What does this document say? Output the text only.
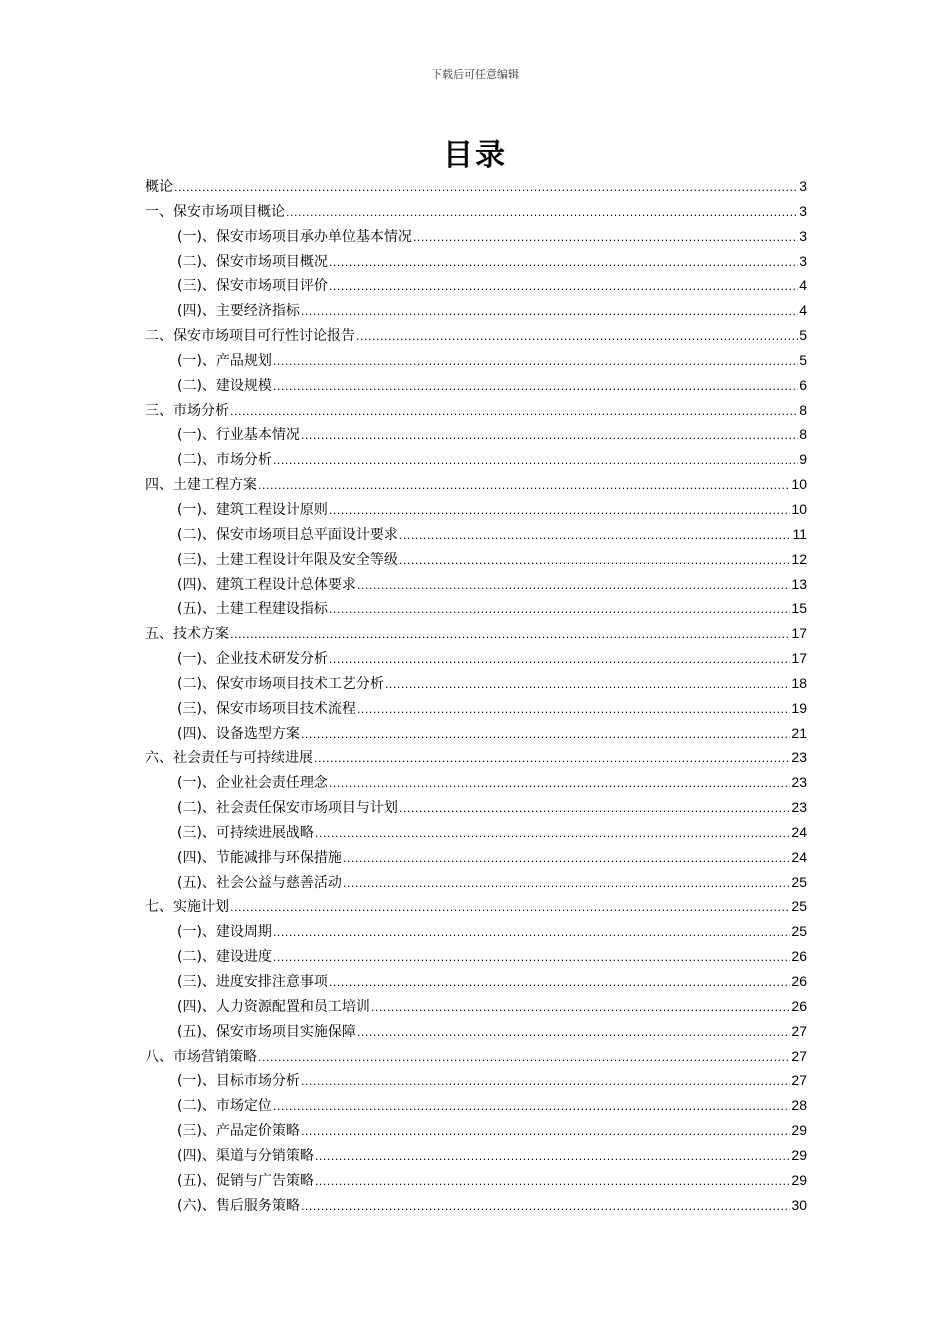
下载后可任意编辑
目录
概论 .....	3
一、保安市场项目概论 .....	3
(一)、保安市场项目承办单位基本情况 .....	3
(二)、保安市场项目概况 .....	3
(三)、保安市场项目评价 .....	4
(四)、主要经济指标 .....	4
二、保安市场项目可行性讨论报告 .....	5
(一)、产品规划 .....	5
(二)、建设规模 .....	6
三、市场分析 .....	8
(一)、行业基本情况 .....	8
(二)、市场分析 .....	9
四、土建工程方案 .....	10
(一)、建筑工程设计原则 .....	10
(二)、保安市场项目总平面设计要求 .....	11
(三)、土建工程设计年限及安全等级 .....	12
(四)、建筑工程设计总体要求 .....	13
(五)、土建工程建设指标 .....	15
五、技术方案 .....	17
(一)、企业技术研发分析 .....	17
(二)、保安市场项目技术工艺分析 .....	18
(三)、保安市场项目技术流程 .....	19
(四)、设备选型方案 .....	21
六、社会责任与可持续进展 .....	23
(一)、企业社会责任理念 .....	23
(二)、社会责任保安市场项目与计划 .....	23
(三)、可持续进展战略 .....	24
(四)、节能减排与环保措施 .....	24
(五)、社会公益与慈善活动 .....	25
七、实施计划 .....	25
(一)、建设周期 .....	25
(二)、建设进度 .....	26
(三)、进度安排注意事项 .....	26
(四)、人力资源配置和员工培训 .....	26
(五)、保安市场项目实施保障 .....	27
八、市场营销策略 .....	27
(一)、目标市场分析 .....	27
(二)、市场定位 .....	28
(三)、产品定价策略 .....	29
(四)、渠道与分销策略 .....	29
(五)、促销与广告策略 .....	29
(六)、售后服务策略 .....	30
